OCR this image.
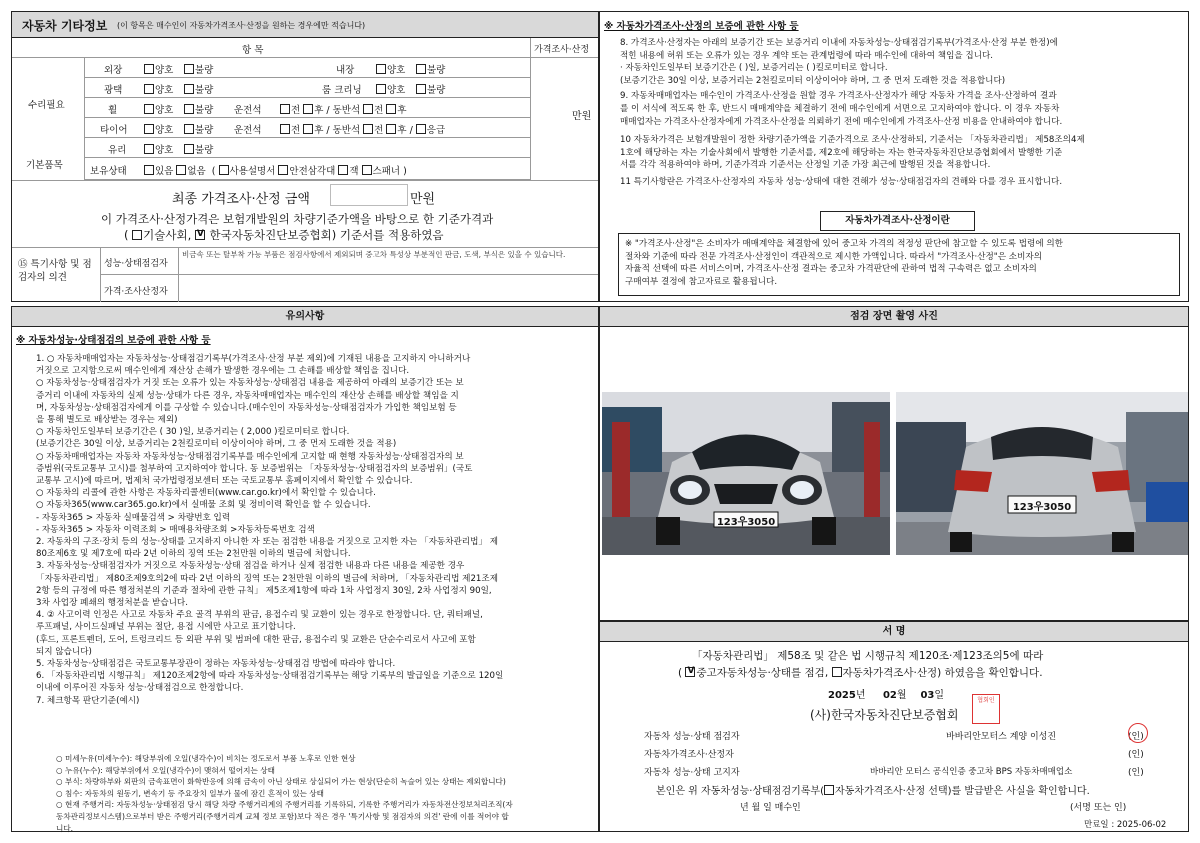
자동차 기타정보 (이 항목은 매수인이 자동차가격조사·산정을 원하는 경우에만 적습니다)
항 목	가격조사·산정
수리필요
기본품목
만원
외장	양호	불량	내장	양호	불량
광택	양호	불량	룸 크리닝	양호	불량
휠	양호	불량 운전석	전 후 / 동반석 전 후
타이어	양호	불량 운전석	전 후 / 동반석 전 후 / 응급
유리	양호	불량
보유상태	있음 없음  ( 사용설명서 안전삼각대 잭 스패너 )
최종 가격조사·산정 금액	만원
이 가격조사·산정가격은 보험개발원의 차량기준가액을 바탕으로 한 기준가격과
( 기술사회, V 한국자동차진단보증협회) 기준서를 적용하였음
⑮ 특기사항 및 점검자의 의견
성능·상태점검자
비금속 또는 탈부착 가능 부품은 점검사항에서 제외되며 중고차 특성상 부분적인 판금, 도색, 부식은 있을 수 있습니다.
가격·조사산정자
※ 자동차가격조사·산정의 보증에 관한 사항 등
8. 가격조사·산정자는 아래의 보증기간 또는 보증거리 이내에 자동차성능·상태점검기록부(가격조사·산정 부분 한정)에
적힌 내용에 허위 또는 오류가 있는 경우 계약 또는 관계법령에 따라 매수인에 대하여 책임을 집니다.
· 자동차인도일부터 보증기간은 ( )일, 보증거리는 ( )킬로미터로 합니다.
(보증기간은 30일 이상, 보증거리는 2천킬로미터 이상이어야 하며, 그 중 먼저 도래한 것을 적용합니다)
9. 자동차매매업자는 매수인이 가격조사·산정을 원할 경우 가격조사·산정자가 해당 자동차 가격을 조사·산정하여 결과
를 이 서식에 적도록 한 후, 반드시 매매계약을 체결하기 전에 매수인에게 서면으로 고지하여야 합니다. 이 경우 자동차
매매업자는 가격조사·산정자에게 가격조사·산정을 의뢰하기 전에 매수인에게 가격조사·산정 비용을 안내하여야 합니다.
10 자동차가격은 보험개발원이 정한 차량기준가액을 기준가격으로 조사·산정하되, 기준서는 「자동차관리법」 제58조의4제
1호에 해당하는 자는 기술사회에서 발행한 기준서를, 제2호에 해당하는 자는 한국자동차진단보증협회에서 발행한 기준
서를 각각 적용하여야 하며, 기준가격과 기준서는 산정일 기준 가장 최근에 발행된 것을 적용합니다.
11 특기사항란은 가격조사·산정자의 자동차 성능·상태에 대한 견해가 성능·상태점검자의 견해와 다를 경우 표시합니다.
자동차가격조사·산정이란
※ "가격조사·산정"은 소비자가 매매계약을 체결함에 있어 중고차 가격의 적정성 판단에 참고할 수 있도록 법령에 의한
절차와 기준에 따라 전문 가격조사·산정인이 객관적으로 제시한 가액입니다. 따라서 "가격조사·산정"은 소비자의
자율적 선택에 따른 서비스이며, 가격조사·산정 결과는 중고차 가격판단에 관하여 법적 구속력은 없고 소비자의
구매여부 결정에 참고자료로 활용됩니다.
유의사항
※ 자동차성능·상태점검의 보증에 관한 사항 등
1. ○ 자동차매매업자는 자동차성능·상태점검기록부(가격조사·산정 부분 제외)에 기재된 내용을 고지하지 아니하거나
거짓으로 고지함으로써 매수인에게 재산상 손해가 발생한 경우에는 그 손해를 배상할 책임을 집니다.
○ 자동차성능·상태점검자가 거짓 또는 오류가 있는 자동차성능·상태점검 내용을 제공하여 아래의 보증기간 또는 보
증거리 이내에 자동차의 실제 성능·상태가 다른 경우, 자동차매매업자는 매수인의 재산상 손해를 배상할 책임을 지
며, 자동차성능·상태점검자에게 이를 구상할 수 있습니다.(매수인이 자동차성능·상태점검자가 가입한 책임보험 등
을 통해 별도로 배상받는 경우는 제외)
○ 자동차인도일부터 보증기간은 ( 30 )일, 보증거리는 ( 2,000 )킬로미터로 합니다.
(보증기간은 30일 이상, 보증거리는 2천킬로미터 이상이어야 하며, 그 중 먼저 도래한 것을 적용)
○ 자동차매매업자는 자동차 자동차성능·상태점검기록부를 매수인에게 고지할 때 현행 자동차성능·상태점검자의 보
증범위(국토교통부 고시)를 첨부하여 고지하여야 합니다. 동 보증범위는 「자동차성능·상태점검자의 보증범위」(국토
교통부 고시)에 따르며, 법제처 국가법령정보센터 또는 국토교통부 홈페이지에서 확인할 수 있습니다.
○ 자동차의 리콜에 관한 사항은 자동차리콜센터(www.car.go.kr)에서 확인할 수 있습니다.
○ 자동차365(www.car365.go.kr)에서 실매물 조회 및 정비이력 확인을 할 수 있습니다.
- 자동차365 > 자동차 실매물검색 > 차량번호 입력
- 자동차365 > 자동차 이력조회 > 매매용차량조회 >자동차등록번호 검색
2. 자동차의 구조·장치 등의 성능·상태를 고지하지 아니한 자 또는 점검한 내용을 거짓으로 고지한 자는 「자동차관리법」 제
80조제6호 및 제7호에 따라 2년 이하의 징역 또는 2천만원 이하의 벌금에 처합니다.
3. 자동차성능·상태점검자가 거짓으로 자동차성능·상태 점검을 하거나 실제 점검한 내용과 다른 내용을 제공한 경우
「자동차관리법」 제80조제9호의2에 따라 2년 이하의 징역 또는 2천만원 이하의 벌금에 처하며, 「자동차관리법 제21조제
2항 등의 규정에 따른 행정처분의 기준과 절차에 관한 규칙」 제5조제1항에 따라 1차 사업정지 30일, 2차 사업정지 90일,
3차 사업장 폐쇄의 행정처분을 받습니다.
4. ② 사고이력 인정은 사고로 자동차 주요 골격 부위의 판금, 용접수리 및 교환이 있는 경우로 한정합니다. 단, 쿼터패널,
루프패널, 사이드실패널 부위는 절단, 용접 시에만 사고로 표기합니다.
(후드, 프론트펜더, 도어, 트렁크리드 등 외판 부위 및 범퍼에 대한 판금, 용접수리 및 교환은 단순수리로서 사고에 포함
되지 않습니다)
5. 자동차성능·상태점검은 국토교통부장관이 정하는 자동차성능·상태점검 방법에 따라야 합니다.
6. 「자동차관리법 시행규칙」 제120조제2항에 따라 자동차성능·상태점검기록부는 해당 기록부의 발급일을 기준으로 120일
이내에 이루어진 자동차 성능·상태점검으로 한정합니다.
7. 체크항목 판단기준(예시)
○ 미세누유(미세누수): 해당부위에 오일(냉각수)이 비치는 정도로서 부품 노후로 인한 현상
○ 누유(누수): 해당부위에서 오일(냉각수)이 맺혀서 떨어지는 상태
○ 부식: 차량하부와 외판의 금속표면이 화학반응에 의해 금속이 아닌 상태로 상실되어 가는 현상(단순히 녹슬어 있는 상태는 제외합니다)
○ 침수: 자동차의 원동기, 변속기 등 주요장치 일부가 물에 잠긴 흔적이 있는 상태
○ 현재 주행거리: 자동차성능·상태점검 당시 해당 차량 주행거리계의 주행거리를 기록하되, 기록한 주행거리가 자동차전산정보처리조직(자
동차관리정보시스템)으로부터 받은 주행거리(주행거리계 교체 정보 포함)보다 적은 경우 '특기사항 및 점검자의 의견' 란에 이를 적어야 합
니다.
점검 장면 촬영 사진
123우3050
123우3050
서 명
「자동차관리법」 제58조 및 같은 법 시행규칙 제120조·제123조의5에 따라
( V중고자동차성능·상태를 점검, 자동차가격조사·산정) 하였음을 확인합니다.
2025년 02월 03일
(사)한국자동차진단보증협회
협회인
자동차 성능·상태 점검자	바바리안모터스 계양 이성진	(인)
자동차가격조사·산정자	(인)
자동차 성능·상태 고지자	바바리안 모터스 공식인증 중고차 BPS 자동차매매업소	(인)
본인은 위 자동차성능·상태점검기록부( 자동차가격조사·산정 선택)를 발급받은 사실을 확인합니다.
년 월 일 매수인	(서명 또는 인)
만료일 : 2025-06-02
